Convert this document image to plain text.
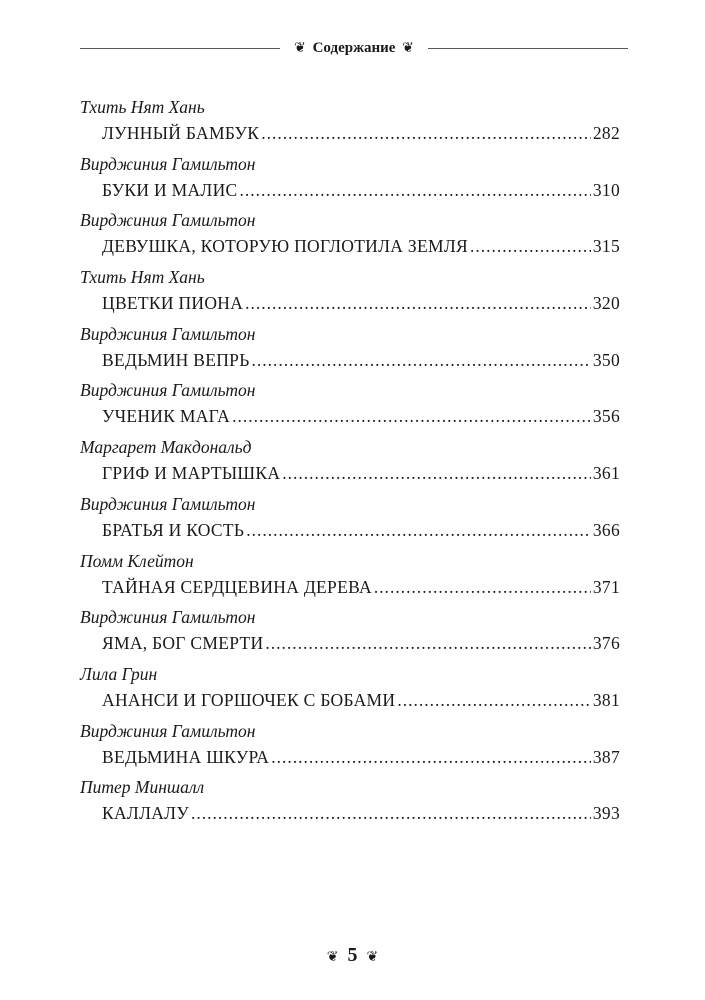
❦ Содержание ❦
Тхить Нят Хань
ЛУННЫЙ БАМБУК .....	282
Вирджиния Гамильтон
БУКИ И МАЛИС .....	310
Вирджиния Гамильтон
ДЕВУШКА, КОТОРУЮ ПОГЛОТИЛА ЗЕМЛЯ .....	315
Тхить Нят Хань
ЦВЕТКИ ПИОНА .....	320
Вирджиния Гамильтон
ВЕДЬМИН ВЕПРЬ .....	350
Вирджиния Гамильтон
УЧЕНИК МАГА .....	356
Маргарет Макдональд
ГРИФ И МАРТЫШКА .....	361
Вирджиния Гамильтон
БРАТЬЯ И КОСТЬ .....	366
Помм Клейтон
ТАЙНАЯ СЕРДЦЕВИНА ДЕРЕВА .....	371
Вирджиния Гамильтон
ЯМА, БОГ СМЕРТИ .....	376
Лила Грин
АНАНСИ И ГОРШОЧЕК С БОБАМИ .....	381
Вирджиния Гамильтон
ВЕДЬМИНА ШКУРА .....	387
Питер Миншалл
КАЛЛАЛУ .....	393
❦ 5 ❦
